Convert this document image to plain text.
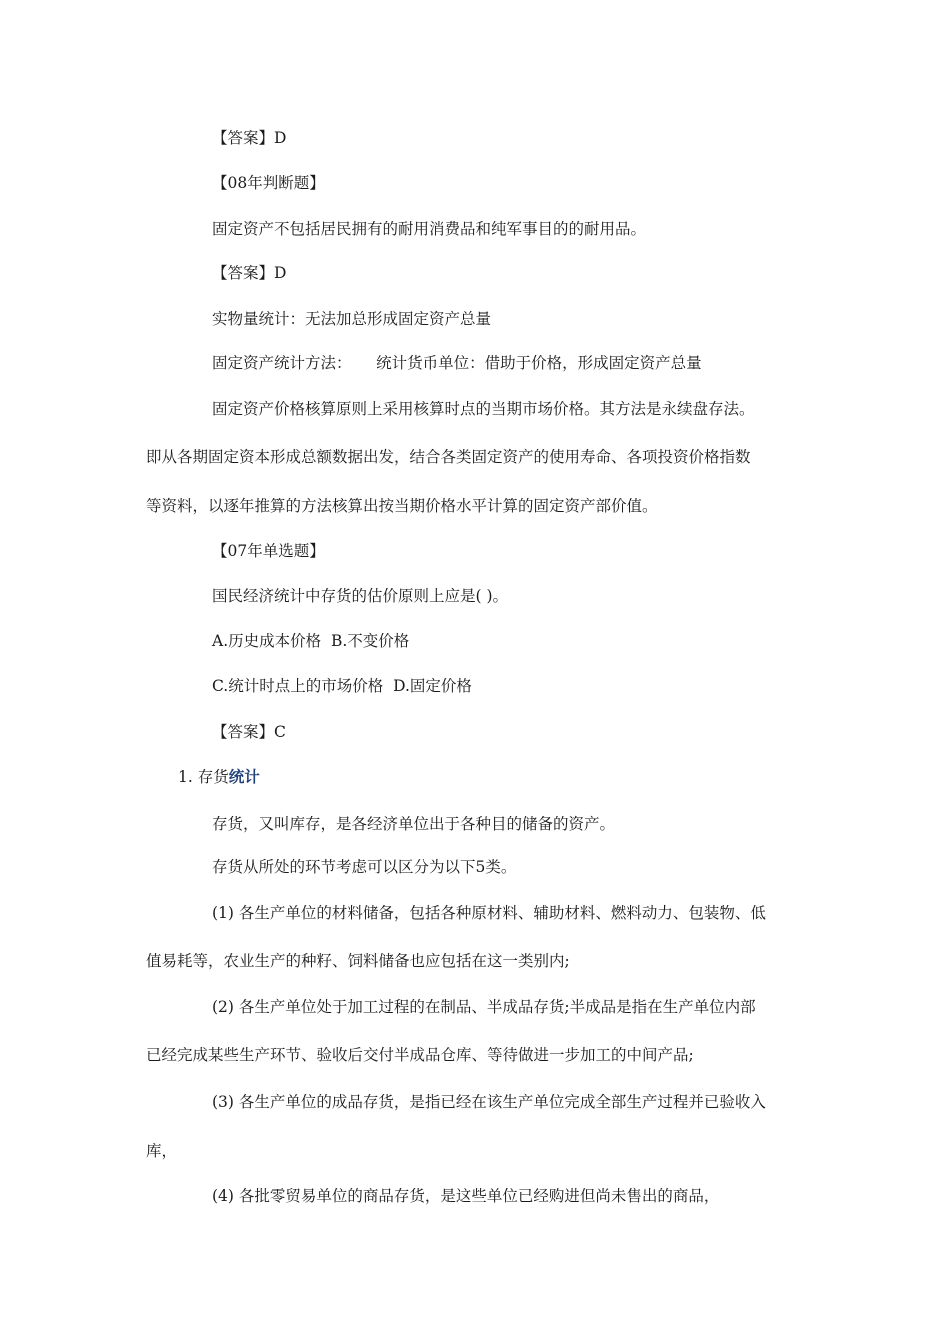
【答案】D

【08年判断题】

固定资产不包括居民拥有的耐用消费品和纯军事目的的耐用品。

【答案】D

实物量统计：无法加总形成固定资产总量

固定资产统计方法：     统计货币单位：借助于价格，形成固定资产总量

固定资产价格核算原则上采用核算时点的当期市场价格。其方法是永续盘存法。

即从各期固定资本形成总额数据出发，结合各类固定资产的使用寿命、各项投资价格指数

等资料，以逐年推算的方法核算出按当期价格水平计算的固定资产部价值。

【07年单选题】

国民经济统计中存货的估价原则上应是( )。

A.历史成本价格  B.不变价格

C.统计时点上的市场价格  D.固定价格

【答案】C

1. 存货统计

存货，又叫库存，是各经济单位出于各种目的储备的资产。

存货从所处的环节考虑可以区分为以下5类。

(1) 各生产单位的材料储备，包括各种原材料、辅助材料、燃料动力、包装物、低

值易耗等，农业生产的种籽、饲料储备也应包括在这一类别内;

(2) 各生产单位处于加工过程的在制品、半成品存货;半成品是指在生产单位内部

已经完成某些生产环节、验收后交付半成品仓库、等待做进一步加工的中间产品;

(3) 各生产单位的成品存货，是指已经在该生产单位完成全部生产过程并已验收入

库，

(4) 各批零贸易单位的商品存货，是这些单位已经购进但尚未售出的商品，
